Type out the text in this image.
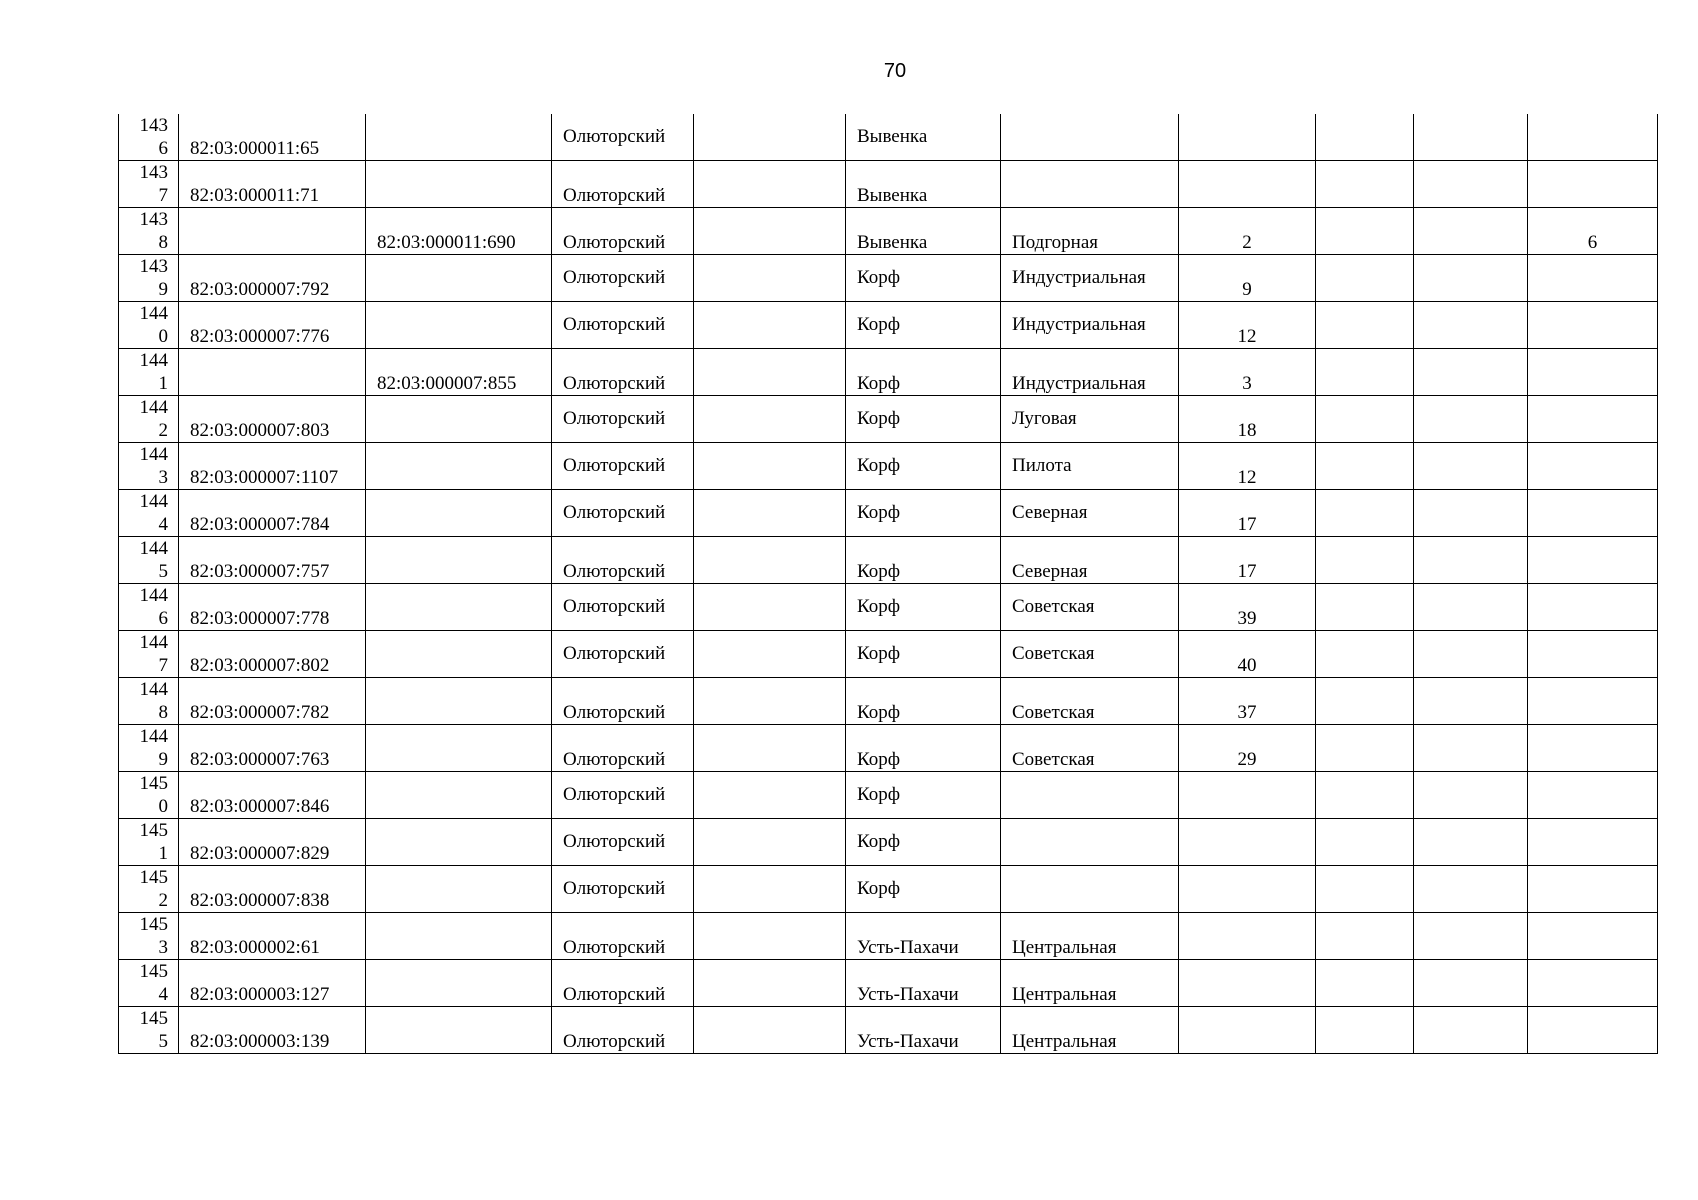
70
143
6	82:03:000011:65		Олюторский		Вывенка					

143
7	82:03:000011:71		Олюторский		Вывенка					

143
8		82:03:000011:690	Олюторский		Вывенка	Подгорная	2			6

143
9	82:03:000007:792		Олюторский		Корф	Индустриальная	9			

144
0	82:03:000007:776		Олюторский		Корф	Индустриальная	12			

144
1		82:03:000007:855	Олюторский		Корф	Индустриальная	3			

144
2	82:03:000007:803		Олюторский		Корф	Луговая	18			

144
3	82:03:000007:1107		Олюторский		Корф	Пилота	12			

144
4	82:03:000007:784		Олюторский		Корф	Северная	17			

144
5	82:03:000007:757		Олюторский		Корф	Северная	17			

144
6	82:03:000007:778		Олюторский		Корф	Советская	39			

144
7	82:03:000007:802		Олюторский		Корф	Советская	40			

144
8	82:03:000007:782		Олюторский		Корф	Советская	37			

144
9	82:03:000007:763		Олюторский		Корф	Советская	29			

145
0	82:03:000007:846		Олюторский		Корф					

145
1	82:03:000007:829		Олюторский		Корф					

145
2	82:03:000007:838		Олюторский		Корф					

145
3	82:03:000002:61		Олюторский		Усть-Пахачи	Центральная				

145
4	82:03:000003:127		Олюторский		Усть-Пахачи	Центральная				

145
5	82:03:000003:139		Олюторский		Усть-Пахачи	Центральная				
